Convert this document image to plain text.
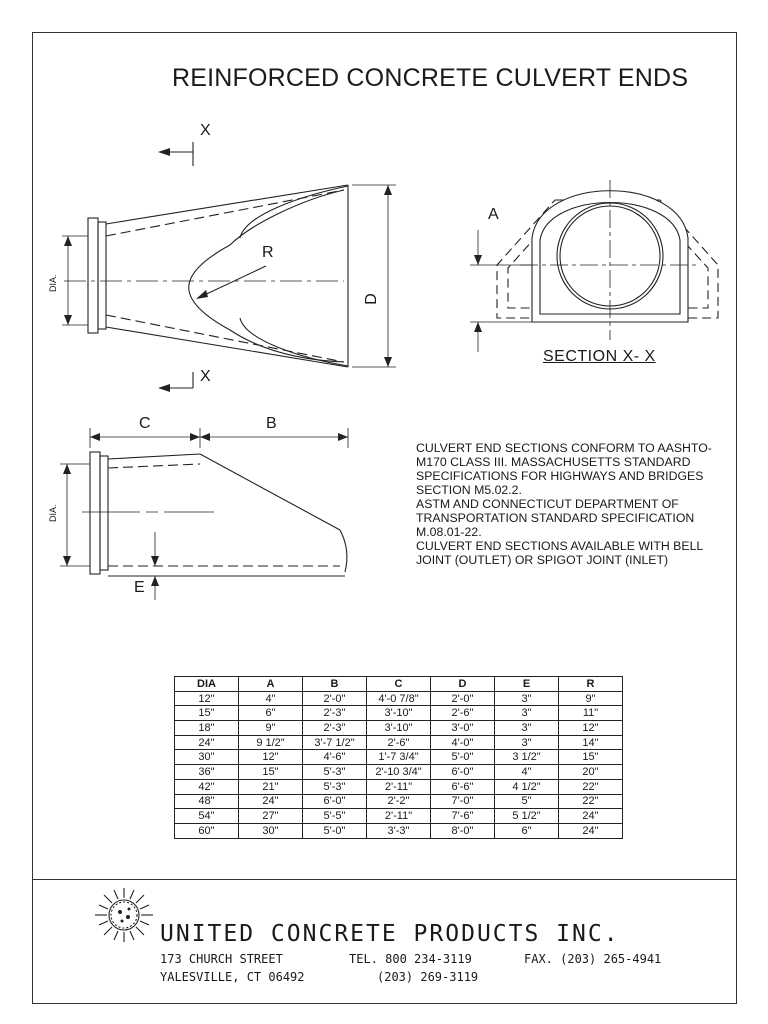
REINFORCED CONCRETE CULVERT ENDS
X
X
R
D
DIA.
A
SECTION X- X
C	B
DIA.
E
CULVERT END SECTIONS CONFORM TO AASHTO-
M170 CLASS III. MASSACHUSETTS STANDARD
SPECIFICATIONS FOR HIGHWAYS AND BRIDGES
SECTION M5.02.2.
ASTM AND CONNECTICUT DEPARTMENT OF
TRANSPORTATION STANDARD SPECIFICATION
M.08.01-22.
CULVERT END SECTIONS AVAILABLE WITH BELL
JOINT (OUTLET) OR SPIGOT JOINT (INLET)
DIA	A	B	C	D	E	R
12"	4"	2'-0"	4'-0 7/8"	2'-0"	3"	9"
15"	6"	2'-3"	3'-10"	2'-6"	3"	11"
18"	9"	2'-3"	3'-10"	3'-0"	3"	12"
24"	9 1/2"	3'-7 1/2"	2'-6"	4'-0"	3"	14"
30"	12"	4'-6"	1'-7 3/4"	5'-0"	3 1/2"	15"
36"	15"	5'-3"	2'-10 3/4"	6'-0"	4"	20"
42"	21"	5'-3"	2'-11"	6'-6"	4 1/2"	22"
48"	24"	6'-0"	2'-2"	7'-0"	5"	22"
54"	27"	5'-5"	2'-11"	7'-6"	5 1/2"	24"
60"	30"	5'-0"	3'-3"	8'-0"	6"	24"
UNITED CONCRETE PRODUCTS INC.
173 CHURCH STREET
YALESVILLE, CT 06492
TEL. 800 234-3119
(203) 269-3119
FAX. (203) 265-4941
